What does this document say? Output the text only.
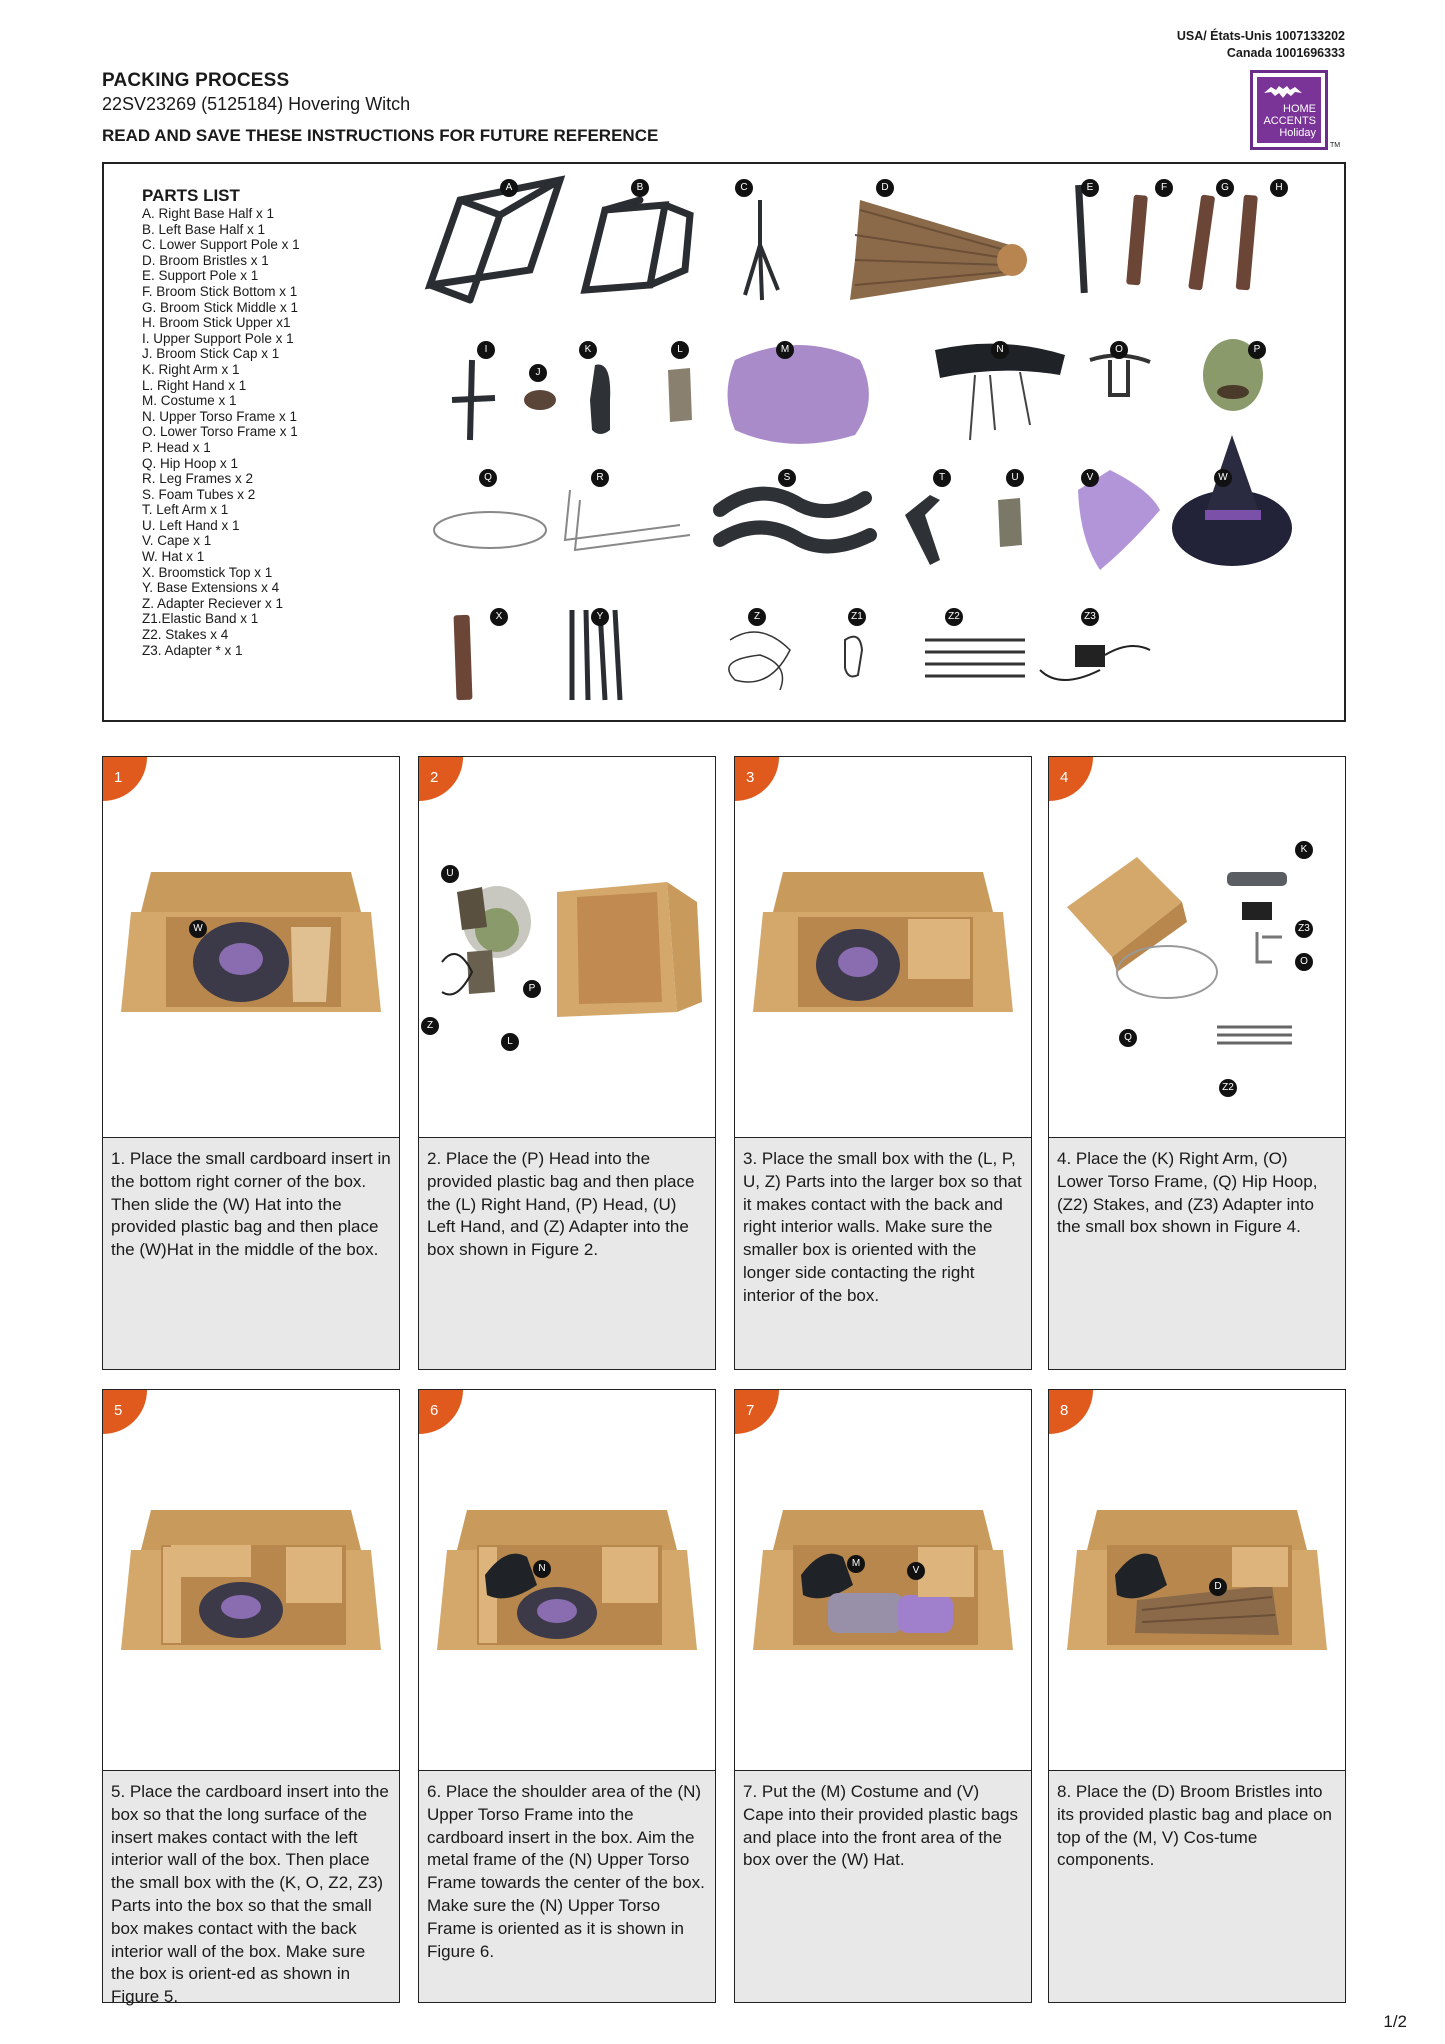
USA/ États-Unis 1007133202
Canada 1001696333
PACKING PROCESS
22SV23269 (5125184) Hovering Witch
READ AND SAVE THESE INSTRUCTIONS FOR FUTURE REFERENCE
HOME
ACCENTS
Holiday
TM
PARTS LIST
A. Right Base Half x 1
B. Left Base Half x 1
C. Lower Support Pole x 1
D. Broom Bristles x 1
E. Support Pole x 1
F. Broom Stick Bottom x 1
G. Broom Stick Middle x 1
H. Broom Stick Upper x1
I. Upper Support Pole x 1
J. Broom Stick Cap x 1
K. Right Arm x 1
L. Right Hand x 1
M. Costume x 1
N. Upper Torso Frame x 1
O. Lower Torso Frame x 1
P. Head x 1
Q. Hip Hoop x 1
R. Leg Frames x 2
S. Foam Tubes x 2
T. Left Arm x 1
U. Left Hand x 1
V. Cape x 1
W. Hat x 1
X. Broomstick Top x 1
Y. Base Extensions x 4
Z. Adapter Reciever x 1
Z1.Elastic Band x 1
Z2. Stakes x 4
Z3. Adapter * x 1
A	B	C	D	E	F	G	H
I
J
K	L	M	N	O	P
Q	R	S	T	U	V	W
X	Y	Z	Z1	Z2	Z3
1
W
1. Place the small cardboard insert in the bottom right corner of the box. Then slide the (W) Hat into the provided plastic bag and then place the (W)Hat in the middle of the box.
2
U
P
Z
L
2. Place the (P) Head into the provided plastic bag and then place the (L) Right Hand, (P) Head, (U) Left Hand, and (Z) Adapter into the box shown in Figure 2.
3
3. Place the small box with the (L, P, U, Z) Parts into the larger box so that it makes contact with the back and right interior walls. Make sure the smaller box is oriented with the longer side contacting the right interior of the box.
4
K
Z3
O
Q
Z2
4. Place the (K) Right Arm, (O) Lower Torso Frame, (Q) Hip Hoop, (Z2) Stakes, and (Z3) Adapter into the small box shown in Figure 4.
5
5. Place the cardboard insert into the box so that the long surface of the insert makes contact with the left interior wall of the box. Then place the small box with the (K, O, Z2, Z3) Parts into the box so that the small box makes contact with the back interior wall of the box. Make sure the box is orient-ed as shown in Figure 5.
6
N
6. Place the shoulder area of the (N) Upper Torso Frame into the cardboard insert in the box. Aim the metal frame of the (N) Upper Torso Frame towards the center of the box. Make sure the (N) Upper Torso Frame is oriented as it is shown in Figure 6.
7
M
V
7. Put the (M) Costume and (V) Cape into their provided plastic bags and place into the front area of the box over the (W) Hat.
8
D
8. Place the (D) Broom Bristles into its provided plastic bag and place on top of the (M, V) Cos-tume components.
1/2
